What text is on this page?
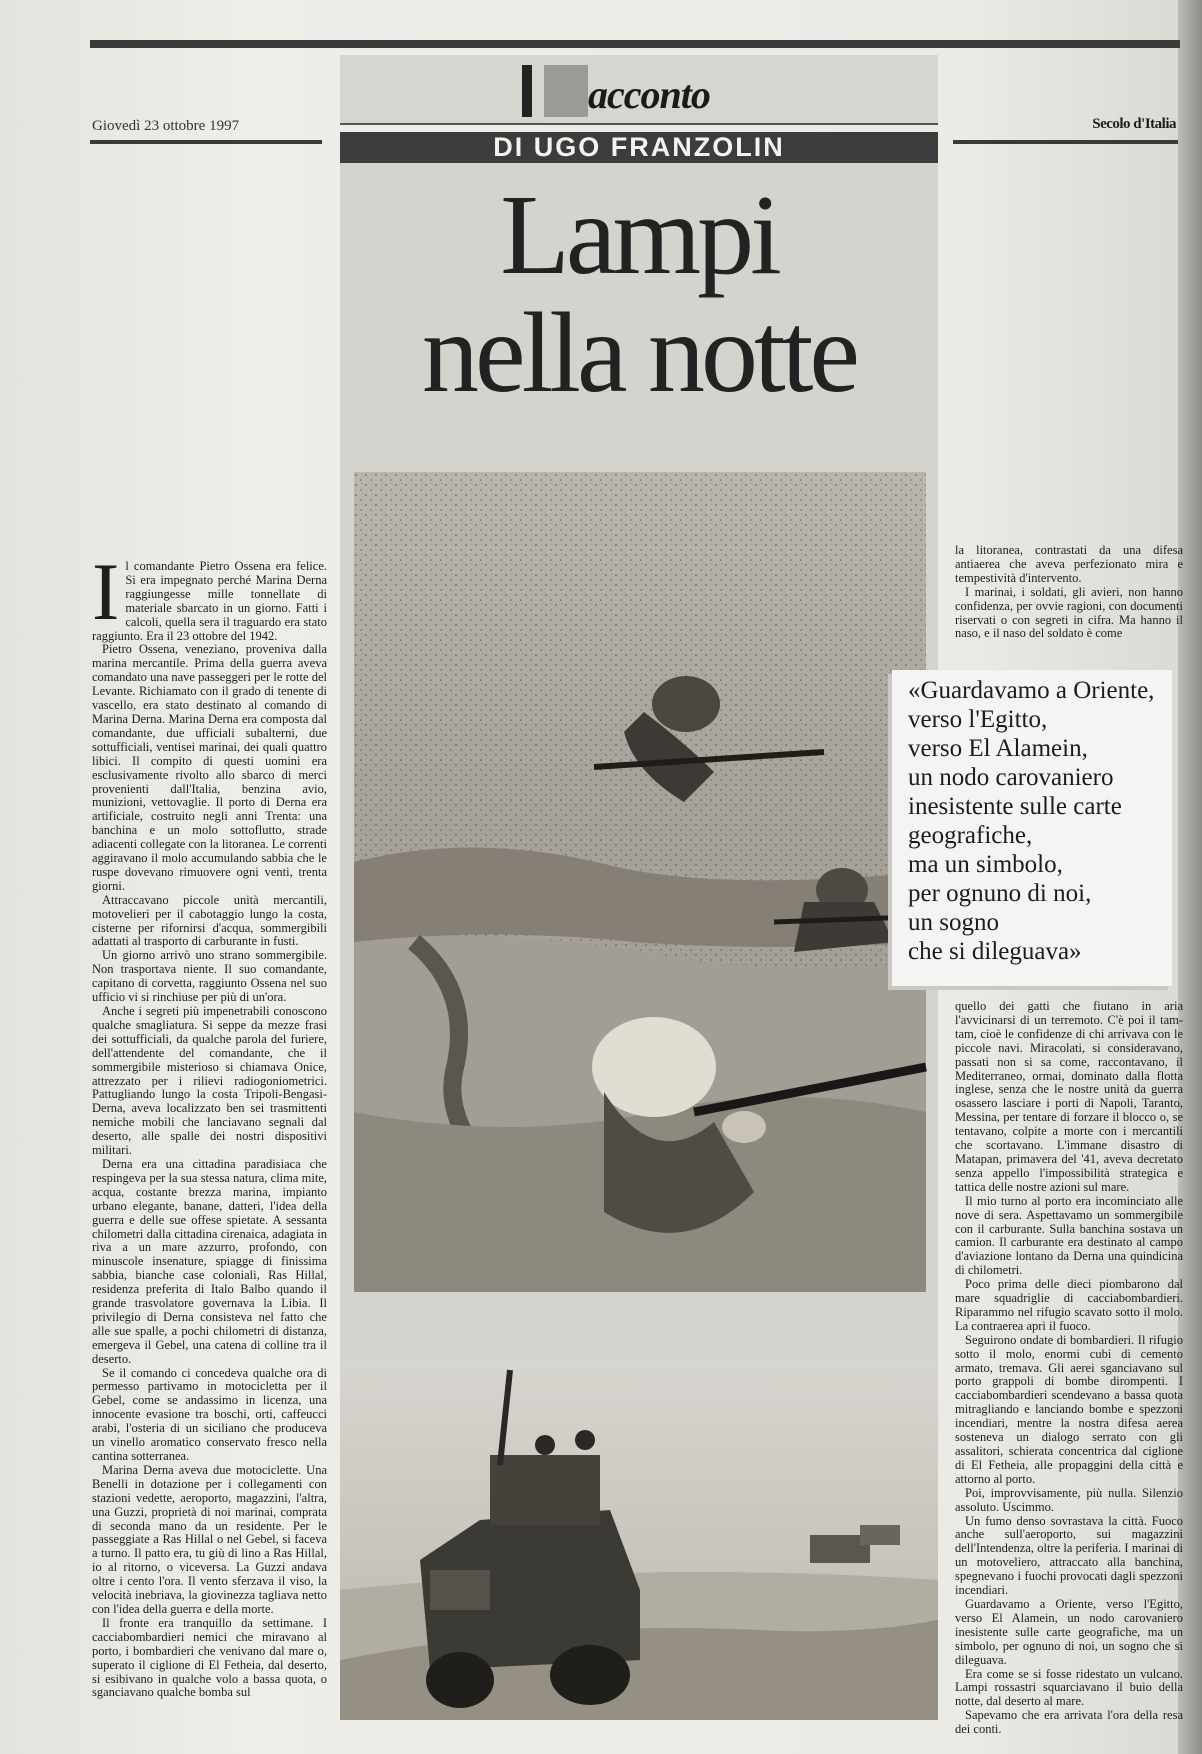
Giovedì 23 ottobre 1997	Secolo d'Italia
acconto
DI UGO FRANZOLIN
Lampi
nella notte

Il comandante Pietro Ossena era felice. Si era impegnato perché Marina Derna raggiungesse mille tonnellate di materiale sbarcato in un giorno. Fatti i calcoli, quella sera il traguardo era stato raggiunto. Era il 23 ottobre del 1942.

Pietro Ossena, veneziano, proveniva dalla marina mercantile. Prima della guerra aveva comandato una nave passeggeri per le rotte del Levante. Richiamato con il grado di tenente di vascello, era stato destinato al comando di Marina Derna. Marina Derna era composta dal comandante, due ufficiali subalterni, due sottufficiali, ventisei marinai, dei quali quattro libici. Il compito di questi uomini era esclusivamente rivolto allo sbarco di merci provenienti dall'Italia, benzina avio, munizioni, vettovaglie. Il porto di Derna era artificiale, costruito negli anni Trenta: una banchina e un molo sottoflutto, strade adiacenti collegate con la litoranea. Le correnti aggiravano il molo accumulando sabbia che le ruspe dovevano rimuovere ogni venti, trenta giorni.

Attraccavano piccole unità mercantili, motovelieri per il cabotaggio lungo la costa, cisterne per rifornirsi d'acqua, sommergibili adattati al trasporto di carburante in fusti.

Un giorno arrivò uno strano sommergibile. Non trasportava niente. Il suo comandante, capitano di corvetta, raggiunto Ossena nel suo ufficio vi si rinchiuse per più di un'ora.

Anche i segreti più impenetrabili conoscono qualche smagliatura. Si seppe da mezze frasi dei sottufficiali, da qualche parola del furiere, dell'attendente del comandante, che il sommergibile misterioso si chiamava Onice, attrezzato per i rilievi radiogoniometrici. Pattugliando lungo la costa Tripoli-Bengasi-Derna, aveva localizzato ben sei trasmittenti nemiche mobili che lanciavano segnali dal deserto, alle spalle dei nostri dispositivi militari.

Derna era una cittadina paradisiaca che respingeva per la sua stessa natura, clima mite, acqua, costante brezza marina, impianto urbano elegante, banane, datteri, l'idea della guerra e delle sue offese spietate. A sessanta chilometri dalla cittadina cirenaica, adagiata in riva a un mare azzurro, profondo, con minuscole insenature, spiagge di finissima sabbia, bianche case coloniali, Ras Hillal, residenza preferita di Italo Balbo quando il grande trasvolatore governava la Libia. Il privilegio di Derna consisteva nel fatto che alle sue spalle, a pochi chilometri di distanza, emergeva il Gebel, una catena di colline tra il deserto.

Se il comando ci concedeva qualche ora di permesso partivamo in motocicletta per il Gebel, come se andassimo in licenza, una innocente evasione tra boschi, orti, caffeucci arabi, l'osteria di un siciliano che produceva un vinello aromatico conservato fresco nella cantina sotterranea.

Marina Derna aveva due motociclette. Una Benelli in dotazione per i collegamenti con stazioni vedette, aeroporto, magazzini, l'altra, una Guzzi, proprietà di noi marinai, comprata di seconda mano da un residente. Per le passeggiate a Ras Hillal o nel Gebel, si faceva a turno. Il patto era, tu giù di lino a Ras Hillal, io al ritorno, o viceversa. La Guzzi andava oltre i cento l'ora. Il vento sferzava il viso, la velocità inebriava, la giovinezza tagliava netto con l'idea della guerra e della morte.

Il fronte era tranquillo da settimane. I cacciabombardieri nemici che miravano al porto, i bombardieri che venivano dal mare o, superato il ciglione di El Fetheia, dal deserto, si esibivano in qualche volo a bassa quota, o sganciavano qualche bomba sul

la litoranea, contrastati da una difesa antiaerea che aveva perfezionato mira e tempestività d'intervento.

I marinai, i soldati, gli avieri, non hanno confidenza, per ovvie ragioni, con documenti riservati o con segreti in cifra. Ma hanno il naso, e il naso del soldato è come

«Guardavamo a Oriente,
verso l'Egitto,
verso El Alamein,
un nodo carovaniero
inesistente sulle carte
geografiche,
ma un simbolo,
per ognuno di noi,
un sogno
che si dileguava»

quello dei gatti che fiutano in aria l'avvicinarsi di un terremoto. C'è poi il tam-tam, cioè le confidenze di chi arrivava con le piccole navi. Miracolati, si consideravano, passati non si sa come, raccontavano, il Mediterraneo, ormai, dominato dalla flotta inglese, senza che le nostre unità da guerra osassero lasciare i porti di Napoli, Taranto, Messina, per tentare di forzare il blocco o, se tentavano, colpite a morte con i mercantili che scortavano. L'immane disastro di Matapan, primavera del '41, aveva decretato senza appello l'impossibilità strategica e tattica delle nostre azioni sul mare.

Il mio turno al porto era incominciato alle nove di sera. Aspettavamo un sommergibile con il carburante. Sulla banchina sostava un camion. Il carburante era destinato al campo d'aviazione lontano da Derna una quindicina di chilometri.

Poco prima delle dieci piombarono dal mare squadriglie di cacciabombardieri. Riparammo nel rifugio scavato sotto il molo. La contraerea aprì il fuoco.

Seguirono ondate di bombardieri. Il rifugio sotto il molo, enormi cubi di cemento armato, tremava. Gli aerei sganciavano sul porto grappoli di bombe dirompenti. I cacciabombardieri scendevano a bassa quota mitragliando e lanciando bombe e spezzoni incendiari, mentre la nostra difesa aerea sosteneva un dialogo serrato con gli assalitori, schierata concentrica dal ciglione di El Fetheia, alle propaggini della città e attorno al porto.

Poi, improvvisamente, più nulla. Silenzio assoluto. Uscimmo.

Un fumo denso sovrastava la città. Fuoco anche sull'aeroporto, sui magazzini dell'Intendenza, oltre la periferia. I marinai di un motoveliero, attraccato alla banchina, spegnevano i fuochi provocati dagli spezzoni incendiari.

Guardavamo a Oriente, verso l'Egitto, verso El Alamein, un nodo carovaniero inesistente sulle carte geografiche, ma un simbolo, per ognuno di noi, un sogno che si dileguava.

Era come se si fosse ridestato un vulcano. Lampi rossastri squarciavano il buio della notte, dal deserto al mare.

Sapevamo che era arrivata l'ora della resa dei conti.
